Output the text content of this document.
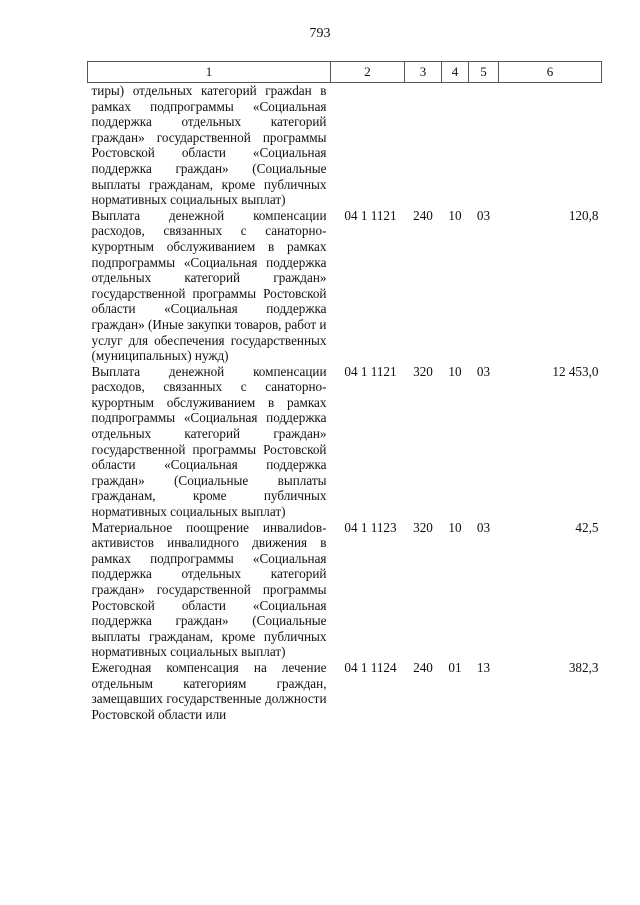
793
1	2	3	4	5	6
тиры) отдельных категорий гражdан в рамках подпрограммы «Социальная поддержка отдельных категорий граждан» государственной программы Ростовской области «Социальная поддержка граждан» (Социальные выплаты гражданам, кроме публичных нормативных социальных выплат)					
Выплата денежной компенсации расходов, связанных с санаторно-курортным обслуживанием в рамках подпрограммы «Социальная поддержка отдельных категорий граждан» государственной программы Ростовской области «Социальная поддержка граждан» (Иные закупки товаров, работ и услуг для обеспечения государственных (муниципальных) нужд)	04 1 1121	240	10	03	120,8
Выплата денежной компенсации расходов, связанных с санаторно-курортным обслуживанием в рамках подпрограммы «Социальная поддержка отдельных категорий граждан» государственной программы Ростовской области «Социальная поддержка граждан» (Социальные выплаты гражданам, кроме публичных нормативных социальных выплат)	04 1 1121	320	10	03	12 453,0
Материальное поощрение инвалиdов-активистов инвалидного движения в рамках подпрограммы «Социальная поддержка отдельных категорий граждан» государственной программы Ростовской области «Социальная поддержка граждан» (Социальные выплаты гражданам, кроме публичных нормативных социальных выплат)	04 1 1123	320	10	03	42,5
Ежегодная компенсация на лечение отдельным категориям граждан, замещавших государственные должности Ростовской области или	04 1 1124	240	01	13	382,3
